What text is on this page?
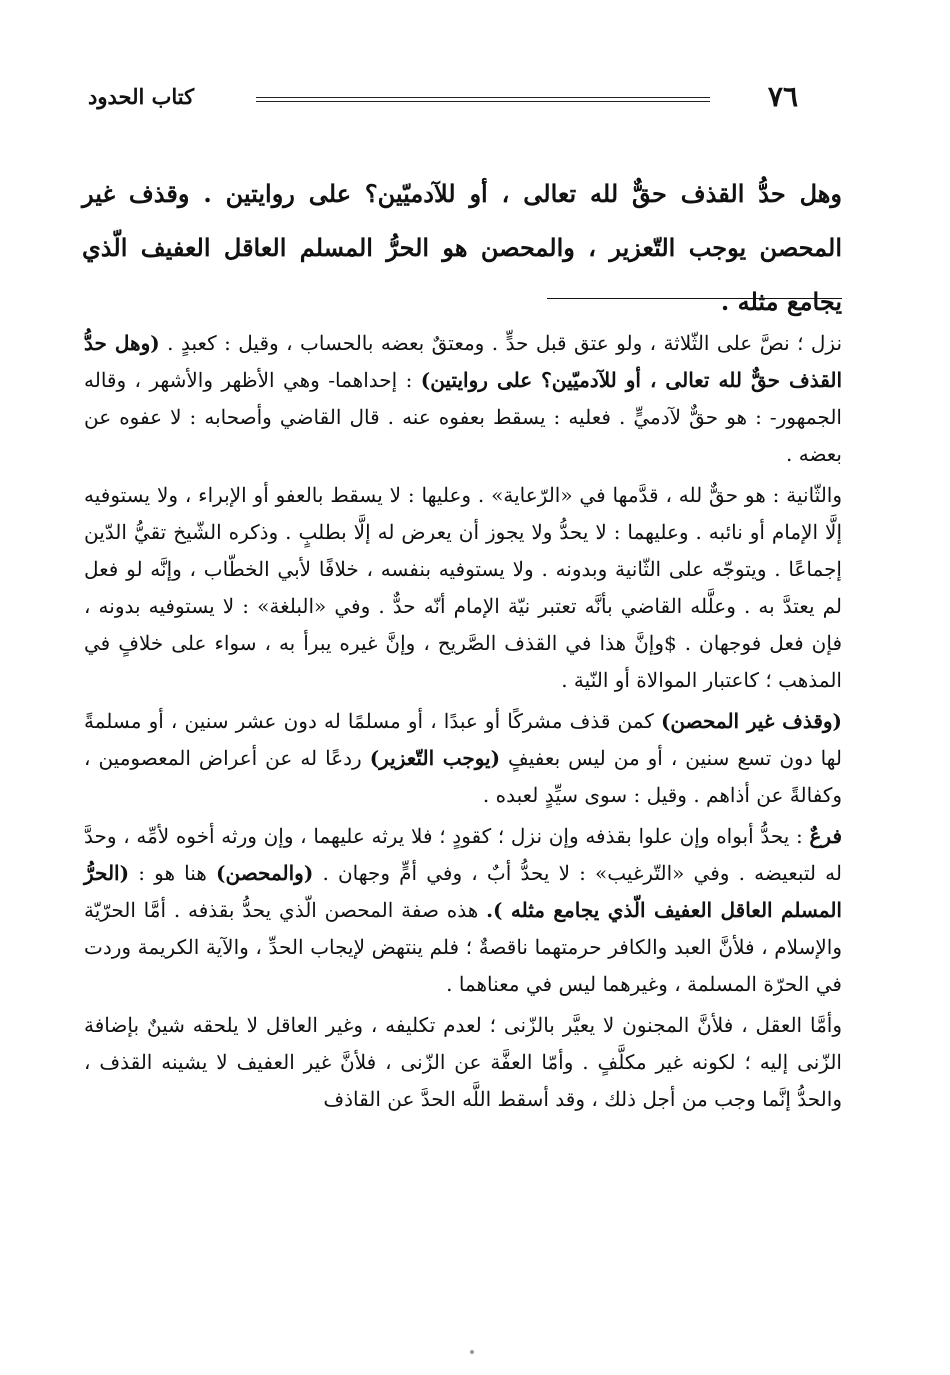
٧٦
كتاب الحدود

وهل حدُّ القذف حقٌّ لله تعالى ، أو للآدميّين؟ على روايتين . وقذف غير المحصن يوجب التّعزير ، والمحصن هو الحرُّ المسلم العاقل العفيف الّذي يجامع مثله .

نزل ؛ نصَّ على الثّلاثة ، ولو عتق قبل حدٍّ . ومعتقٌ بعضه بالحساب ، وقيل : كعبدٍ . (وهل حدُّ القذف حقٌّ لله تعالى ، أو للآدميّين؟ على روايتين) : إحداهما- وهي الأظهر والأشهر ، وقاله الجمهور- : هو حقٌّ لآدميٍّ . فعليه : يسقط بعفوه عنه . قال القاضي وأصحابه : لا عفوه عن بعضه .

والثّانية : هو حقٌّ لله ، قدَّمها في «الرّعاية» . وعليها : لا يسقط بالعفو أو الإبراء ، ولا يستوفيه إلَّا الإمام أو نائبه . وعليهما : لا يحدُّ ولا يجوز أن يعرض له إلَّا بطلبٍ . وذكره الشّيخ تقيُّ الدّين إجماعًا . ويتوجّه على الثّانية وبدونه . ولا يستوفيه بنفسه ، خلافًا لأبي الخطّاب ، وإنَّه لو فعل لم يعتدَّ به . وعلَّله القاضي بأنَّه تعتبر نيّة الإمام أنّه حدٌّ . وفي «البلغة» : لا يستوفيه بدونه ، فإن فعل فوجهان . $وإنَّ هذا في القذف الصَّريح ، وإنَّ غيره يبرأ به ، سواء على خلافٍ في المذهب ؛ كاعتبار الموالاة أو النّية .

(وقذف غير المحصن) كمن قذف مشركًا أو عبدًا ، أو مسلمًا له دون عشر سنين ، أو مسلمةً لها دون تسع سنين ، أو من ليس بعفيفٍ (يوجب التّعزير) ردعًا له عن أعراض المعصومين ، وكفالةً عن أذاهم . وقيل : سوى سيِّدٍ لعبده .

فرعٌ : يحدُّ أبواه وإن علوا بقذفه وإن نزل ؛ كقودٍ ؛ فلا يرثه عليهما ، وإن ورثه أخوه لأمِّه ، وحدَّ له لتبعيضه . وفي «التّرغيب» : لا يحدُّ أبٌ ، وفي أمٍّ وجهان . (والمحصن) هنا هو : (الحرُّ المسلم العاقل العفيف الّذي يجامع مثله ). هذه صفة المحصن الّذي يحدُّ بقذفه . أمَّا الحرّيّة والإسلام ، فلأنَّ العبد والكافر حرمتهما ناقصةٌ ؛ فلم ينتهض لإيجاب الحدِّ ، والآية الكريمة وردت في الحرّة المسلمة ، وغيرهما ليس في معناهما .

وأمَّا العقل ، فلأنَّ المجنون لا يعيَّر بالزّنى ؛ لعدم تكليفه ، وغير العاقل لا يلحقه شينٌ بإضافة الزّنى إليه ؛ لكونه غير مكلَّفٍ . وأمّا العفَّة عن الزّنى ، فلأنَّ غير العفيف لا يشينه القذف ، والحدُّ إنَّما وجب من أجل ذلك ، وقد أسقط اللَّه الحدَّ عن القاذف
